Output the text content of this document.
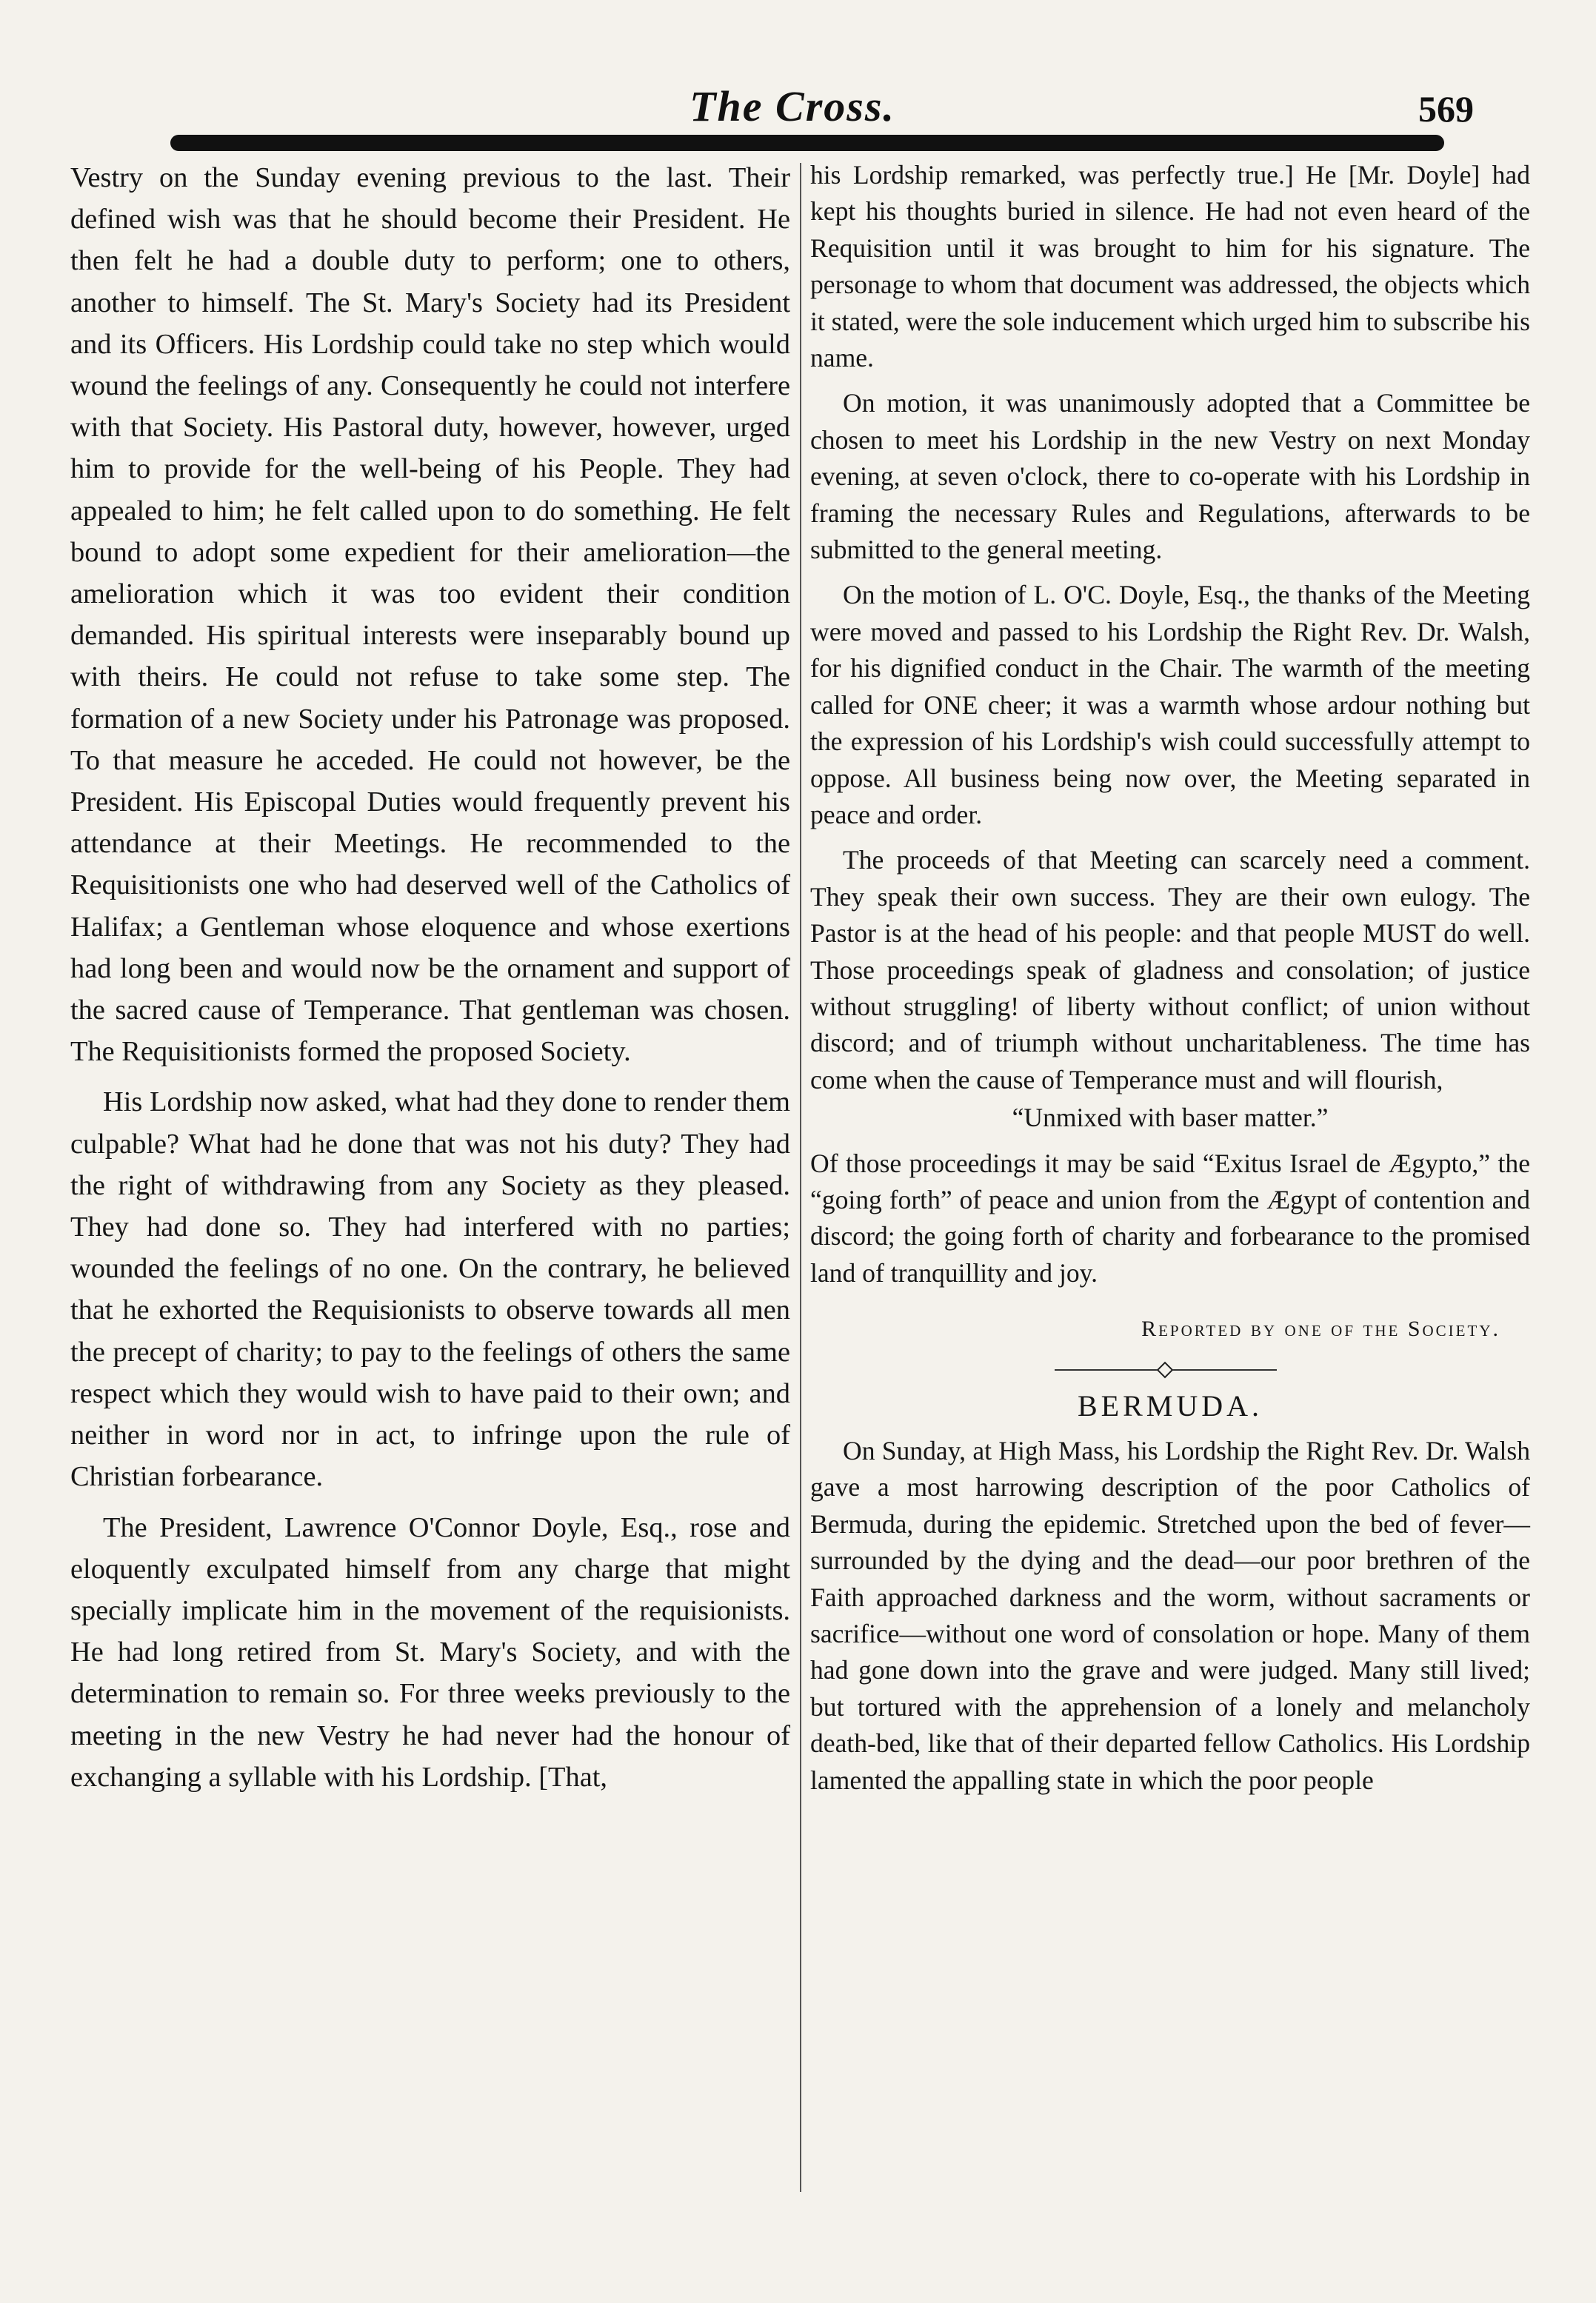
The Cross.	569

Vestry on the Sunday evening previous to the last. Their defined wish was that he should become their President. He then felt he had a double duty to perform; one to others, another to himself. The St. Mary's Society had its President and its Officers. His Lordship could take no step which would wound the feelings of any. Consequently he could not interfere with that Society. His Pastoral duty, however, however, urged him to provide for the well-being of his People. They had appealed to him; he felt called upon to do something. He felt bound to adopt some expedient for their amelioration—the amelioration which it was too evident their condition demanded. His spiritual interests were inseparably bound up with theirs. He could not refuse to take some step. The formation of a new Society under his Patronage was proposed. To that measure he acceded. He could not however, be the President. His Episcopal Duties would frequently prevent his attendance at their Meetings. He recommended to the Requisitionists one who had deserved well of the Catholics of Halifax; a Gentleman whose eloquence and whose exertions had long been and would now be the ornament and support of the sacred cause of Temperance. That gentleman was chosen. The Requisitionists formed the proposed Society.

His Lordship now asked, what had they done to render them culpable? What had he done that was not his duty? They had the right of withdrawing from any Society as they pleased. They had done so. They had interfered with no parties; wounded the feelings of no one. On the contrary, he believed that he exhorted the Requisionists to observe towards all men the precept of charity; to pay to the feelings of others the same respect which they would wish to have paid to their own; and neither in word nor in act, to infringe upon the rule of Christian forbearance.

The President, Lawrence O'Connor Doyle, Esq., rose and eloquently exculpated himself from any charge that might specially implicate him in the movement of the requisionists. He had long retired from St. Mary's Society, and with the determination to remain so. For three weeks previously to the meeting in the new Vestry he had never had the honour of exchanging a syllable with his Lordship. [That,

his Lordship remarked, was perfectly true.] He [Mr. Doyle] had kept his thoughts buried in silence. He had not even heard of the Requisition until it was brought to him for his signature. The personage to whom that document was addressed, the objects which it stated, were the sole inducement which urged him to subscribe his name.

On motion, it was unanimously adopted that a Committee be chosen to meet his Lordship in the new Vestry on next Monday evening, at seven o'clock, there to co-operate with his Lordship in framing the necessary Rules and Regulations, afterwards to be submitted to the general meeting.

On the motion of L. O'C. Doyle, Esq., the thanks of the Meeting were moved and passed to his Lordship the Right Rev. Dr. Walsh, for his dignified conduct in the Chair. The warmth of the meeting called for ONE cheer; it was a warmth whose ardour nothing but the expression of his Lordship's wish could successfully attempt to oppose. All business being now over, the Meeting separated in peace and order.

The proceeds of that Meeting can scarcely need a comment. They speak their own success. They are their own eulogy. The Pastor is at the head of his people: and that people MUST do well. Those proceedings speak of gladness and consolation; of justice without struggling! of liberty without conflict; of union without discord; and of triumph without uncharitableness. The time has come when the cause of Temperance must and will flourish,

“Unmixed with baser matter.”

Of those proceedings it may be said “Exitus Israel de Ægypto,” the “going forth” of peace and union from the Ægypt of contention and discord; the going forth of charity and forbearance to the promised land of tranquillity and joy.

Reported by one of the Society.

BERMUDA.

On Sunday, at High Mass, his Lordship the Right Rev. Dr. Walsh gave a most harrowing description of the poor Catholics of Bermuda, during the epidemic. Stretched upon the bed of fever—surrounded by the dying and the dead—our poor brethren of the Faith approached darkness and the worm, without sacraments or sacrifice—without one word of consolation or hope. Many of them had gone down into the grave and were judged. Many still lived; but tortured with the apprehension of a lonely and melancholy death-bed, like that of their departed fellow Catholics. His Lordship lamented the appalling state in which the poor people
